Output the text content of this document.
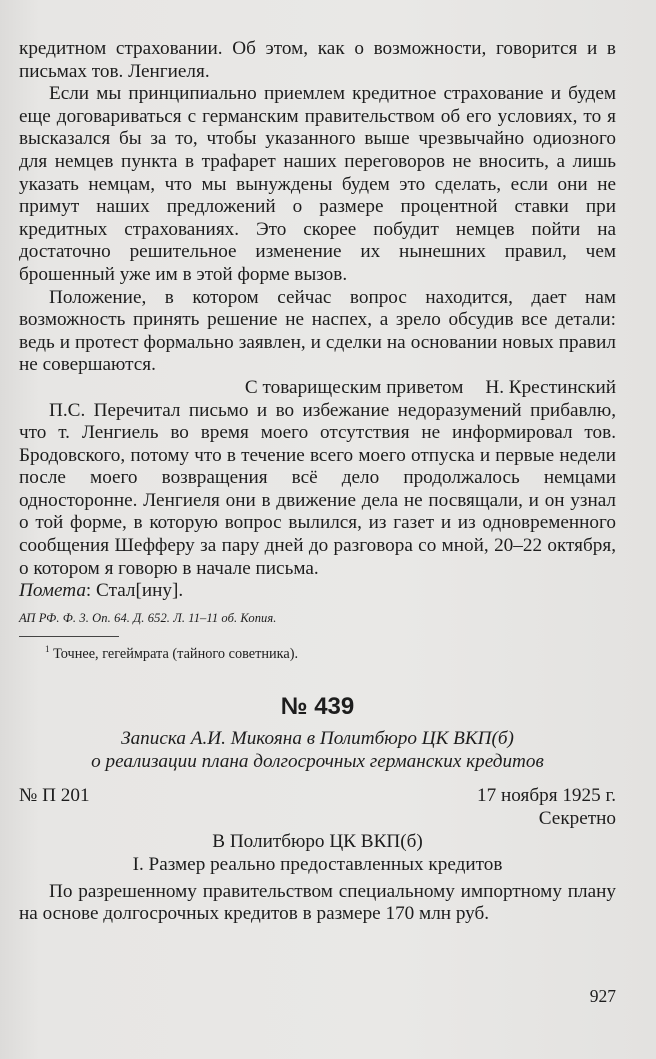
кредитном страховании. Об этом, как о возможности, говорится и в письмах тов. Ленгиеля.

Если мы принципиально приемлем кредитное страхование и будем еще договариваться с германским правительством об его условиях, то я высказался бы за то, чтобы указанного выше чрезвычайно одиозного для немцев пункта в трафарет наших переговоров не вносить, а лишь указать немцам, что мы вынуждены будем это сделать, если они не примут наших предложений о размере процентной ставки при кредитных страхованиях. Это скорее побудит немцев пойти на достаточно решительное изменение их нынешних правил, чем брошенный уже им в этой форме вызов.

Положение, в котором сейчас вопрос находится, дает нам возможность принять решение не наспех, а зрело обсудив все детали: ведь и протест формально заявлен, и сделки на основании новых правил не совершаются.

С товарищеским приветом Н. Крестинский

П.С. Перечитал письмо и во избежание недоразумений прибавлю, что т. Ленгиель во время моего отсутствия не информировал тов. Бродовского, потому что в течение всего моего отпуска и первые недели после моего возвращения всё дело продолжалось немцами односторонне. Ленгиеля они в движение дела не посвящали, и он узнал о той форме, в которую вопрос вылился, из газет и из одновременного сообщения Шефферу за пару дней до разговора со мной, 20–22 октября, о котором я говорю в начале письма.

Помета: Стал[ину].

АП РФ. Ф. 3. Оп. 64. Д. 652. Л. 11–11 об. Копия.

$^1$ Точнее, гегеймрата (тайного советника).

№ 439

Записка А.И. Микояна в Политбюро ЦК ВКП(б)

о реализации плана долгосрочных германских кредитов

№ П 201	17 ноября 1925 г.

Секретно

В Политбюро ЦК ВКП(б)

I. Размер реально предоставленных кредитов

По разрешенному правительством специальному импортному плану на основе долгосрочных кредитов в размере 170 млн руб.

927
